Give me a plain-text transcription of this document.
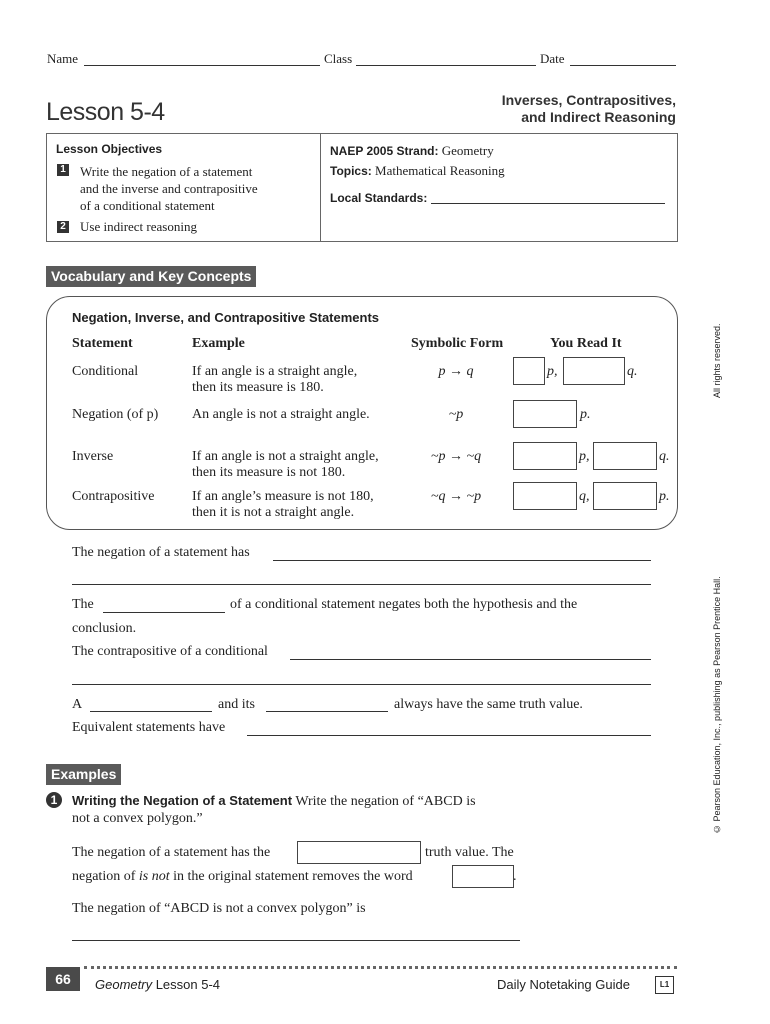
Name	Class	Date
Lesson 5-4	Inverses, Contrapositives,
and Indirect Reasoning
Lesson Objectives
1 Write the negation of a statement
and the inverse and contrapositive
of a conditional statement
2 Use indirect reasoning
NAEP 2005 Strand: Geometry
Topics: Mathematical Reasoning
Local Standards:
Vocabulary and Key Concepts
Negation, Inverse, and Contrapositive Statements
Statement	Example	Symbolic Form	You Read It
Conditional	If an angle is a straight angle,
then its measure is 180.
p → q	p,	q.
Negation (of p) An angle is not a straight angle.	~p	p.
Inverse	If an angle is not a straight angle,
then its measure is not 180.
~p → ~q	p,	q.
Contrapositive	If an angle’s measure is not 180,
then it is not a straight angle.
~q → ~p	q,	p.
The negation of a statement has
The	of a conditional statement negates both the hypothesis and the
conclusion.
The contrapositive of a conditional
A	and its	always have the same truth value.
Equivalent statements have
Examples
1	Writing the Negation of a Statement Write the negation of “ABCD is
not a convex polygon.”
The negation of a statement has the	truth value. The
negation of is not in the original statement removes the word	.
The negation of “ABCD is not a convex polygon” is
66	Geometry Lesson 5-4	Daily Notetaking Guide	L1
All rights reserved.
© Pearson Education, Inc., publishing as Pearson Prentice Hall.
